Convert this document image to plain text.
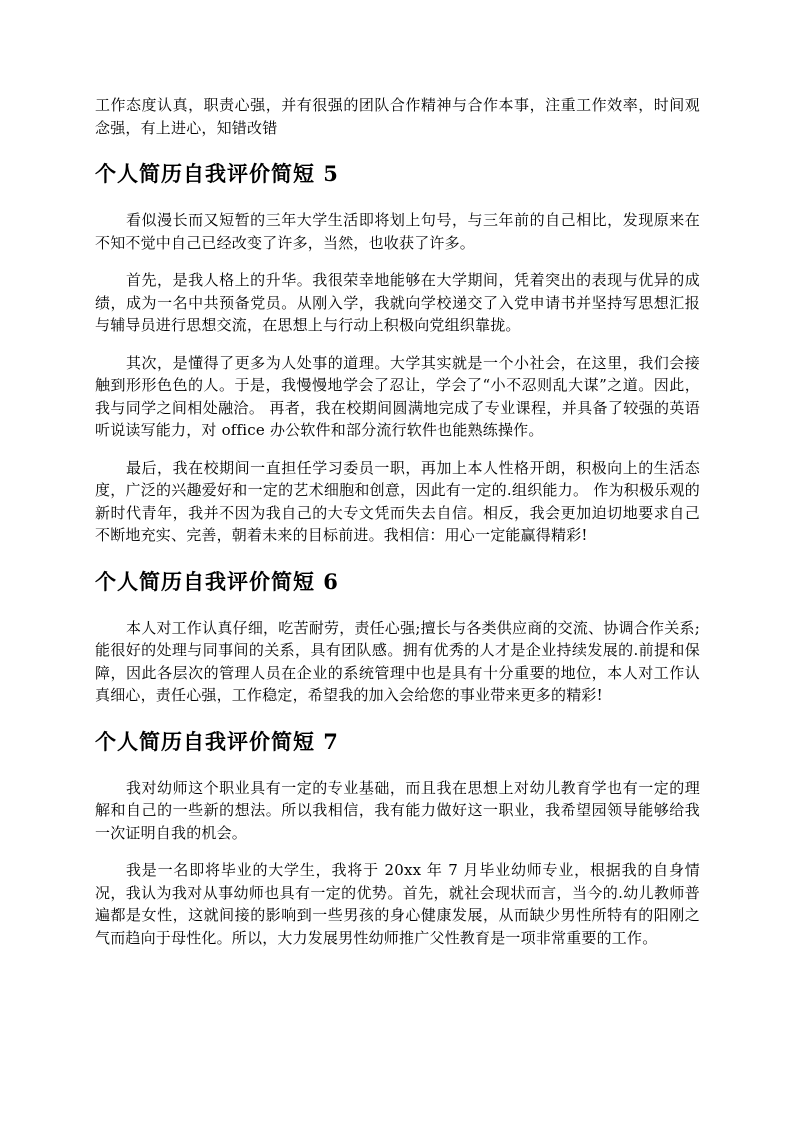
工作态度认真，职责心强，并有很强的团队合作精神与合作本事，注重工作效率，时间观念强，有上进心，知错改错

个人简历自我评价简短 5

看似漫长而又短暂的三年大学生活即将划上句号，与三年前的自己相比，发现原来在不知不觉中自己已经改变了许多，当然，也收获了许多。

首先，是我人格上的升华。我很荣幸地能够在大学期间，凭着突出的表现与优异的成绩，成为一名中共预备党员。从刚入学，我就向学校递交了入党申请书并坚持写思想汇报与辅导员进行思想交流，在思想上与行动上积极向党组织靠拢。

其次，是懂得了更多为人处事的道理。大学其实就是一个小社会，在这里，我们会接触到形形色色的人。于是，我慢慢地学会了忍让，学会了“小不忍则乱大谋”之道。因此，我与同学之间相处融洽。 再者，我在校期间圆满地完成了专业课程，并具备了较强的英语听说读写能力，对 office 办公软件和部分流行软件也能熟练操作。

最后，我在校期间一直担任学习委员一职，再加上本人性格开朗，积极向上的生活态度，广泛的兴趣爱好和一定的艺术细胞和创意，因此有一定的.组织能力。 作为积极乐观的新时代青年，我并不因为我自己的大专文凭而失去自信。相反，我会更加迫切地要求自己不断地充实、完善，朝着未来的目标前进。我相信：用心一定能赢得精彩!

个人简历自我评价简短 6

本人对工作认真仔细，吃苦耐劳，责任心强;擅长与各类供应商的交流、协调合作关系;能很好的处理与同事间的关系，具有团队感。拥有优秀的人才是企业持续发展的.前提和保障，因此各层次的管理人员在企业的系统管理中也是具有十分重要的地位，本人对工作认真细心，责任心强，工作稳定，希望我的加入会给您的事业带来更多的精彩!

个人简历自我评价简短 7

我对幼师这个职业具有一定的专业基础，而且我在思想上对幼儿教育学也有一定的理解和自己的一些新的想法。所以我相信，我有能力做好这一职业，我希望园领导能够给我一次证明自我的机会。

我是一名即将毕业的大学生，我将于 20xx 年 7 月毕业幼师专业，根据我的自身情况，我认为我对从事幼师也具有一定的优势。首先，就社会现状而言，当今的.幼儿教师普遍都是女性，这就间接的影响到一些男孩的身心健康发展，从而缺少男性所特有的阳刚之气而趋向于母性化。所以，大力发展男性幼师推广父性教育是一项非常重要的工作。
